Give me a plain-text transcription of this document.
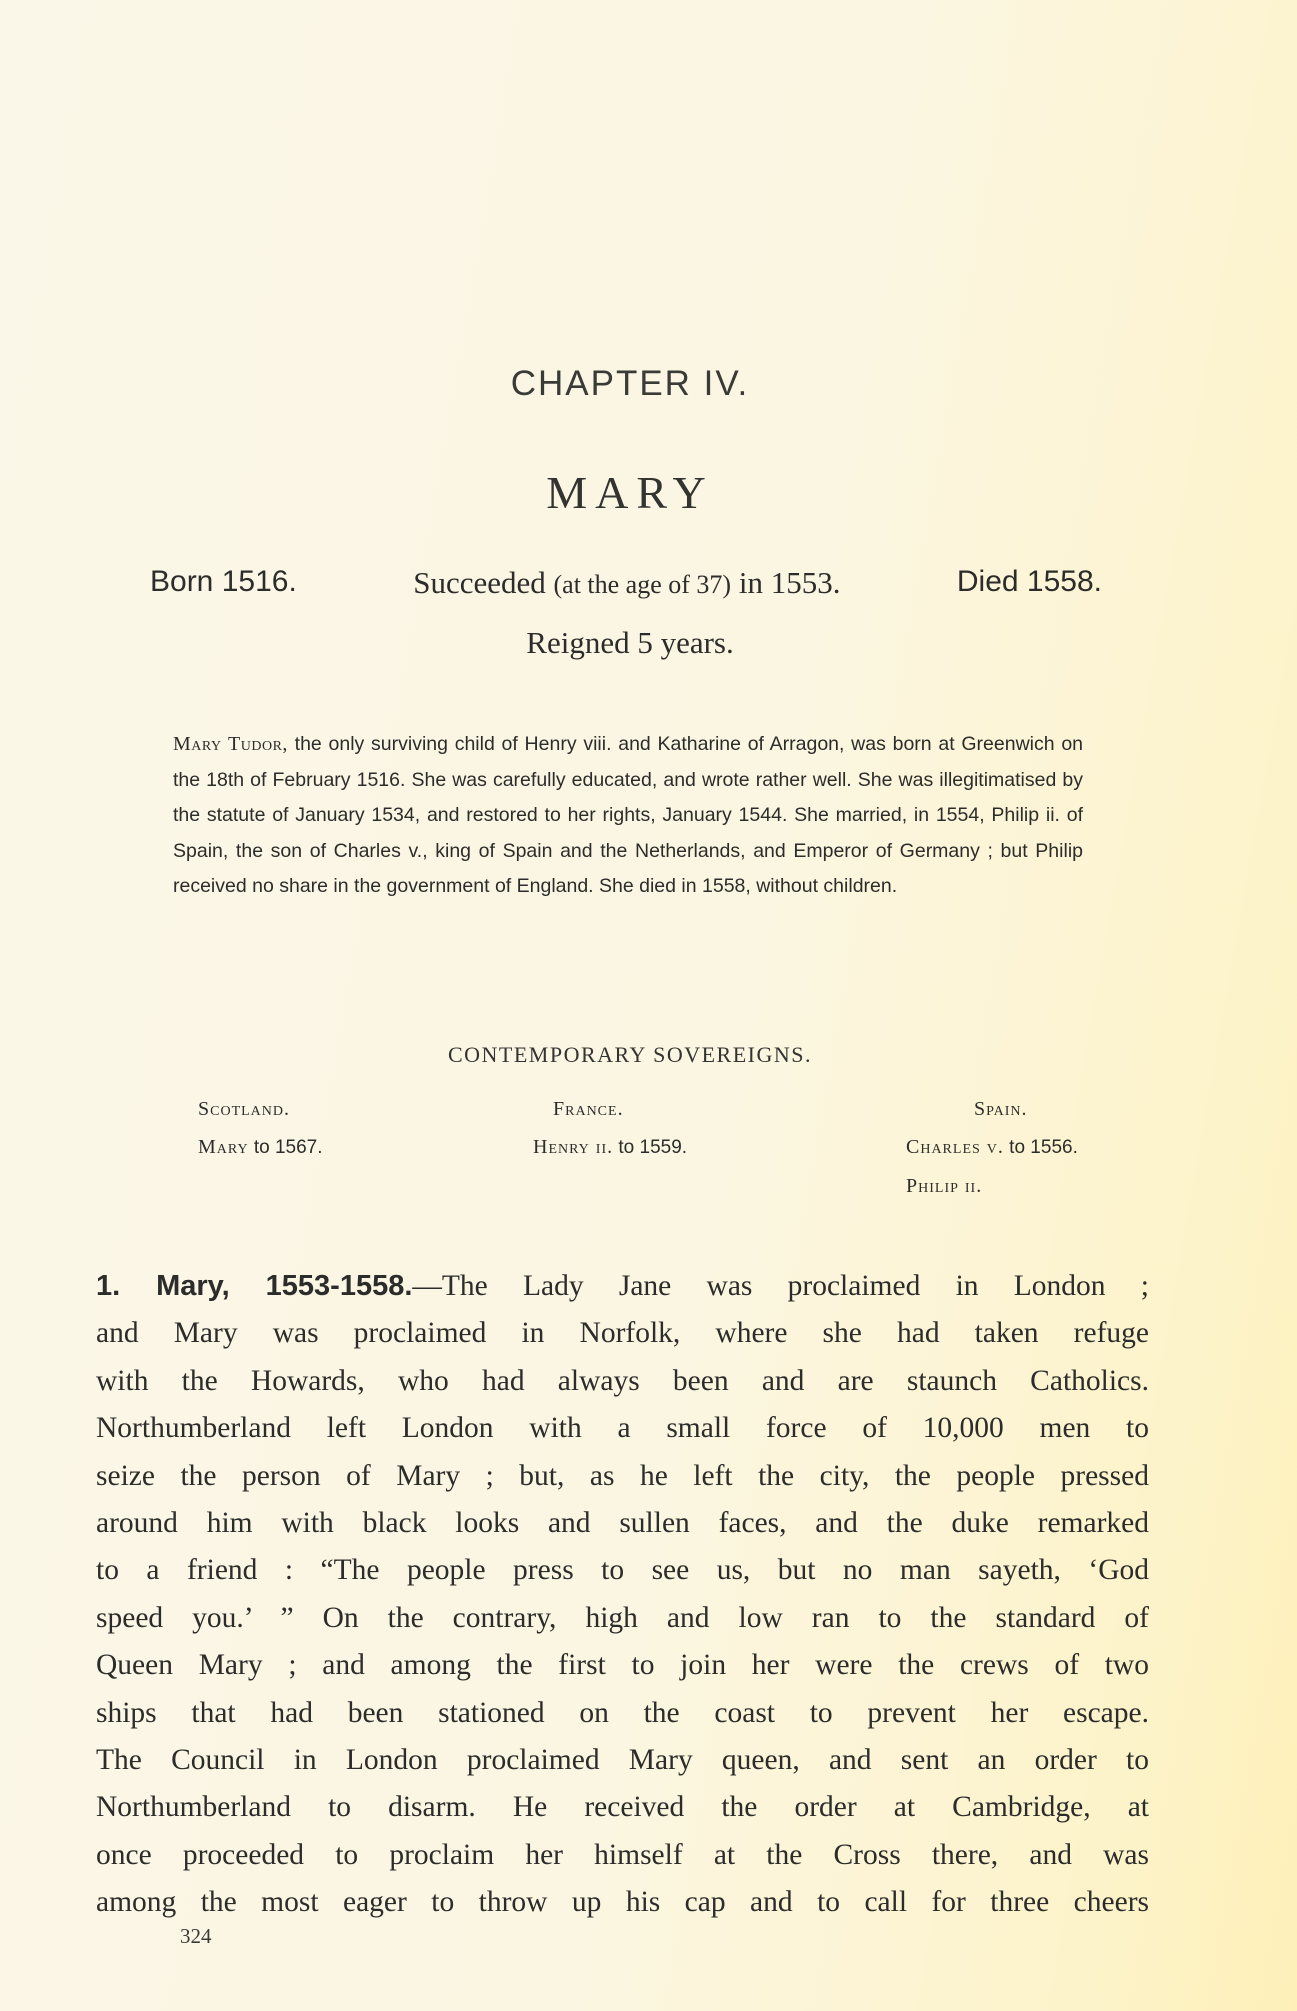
CHAPTER IV.
MARY
Born 1516.	Succeeded (at the age of 37) in 1553.	Died 1558.
Reigned 5 years.
Mary Tudor, the only surviving child of Henry viii. and Katharine of Arragon, was born at Greenwich on the 18th of February 1516. She was carefully educated, and wrote rather well. She was illegitimatised by the statute of January 1534, and restored to her rights, January 1544. She married, in 1554, Philip ii. of Spain, the son of Charles v., king of Spain and the Netherlands, and Emperor of Germany ; but Philip received no share in the government of England. She died in 1558, without children.
CONTEMPORARY SOVEREIGNS.
Scotland.
Mary to 1567.
France.
Henry ii. to 1559.
Spain.
Charles v. to 1556.
Philip ii.
1. Mary, 1553-1558.—The Lady Jane was proclaimed in London ;
and Mary was proclaimed in Norfolk, where she had taken refuge
with the Howards, who had always been and are staunch Catholics.
Northumberland left London with a small force of 10,000 men to
seize the person of Mary ; but, as he left the city, the people pressed
around him with black looks and sullen faces, and the duke remarked
to a friend : “The people press to see us, but no man sayeth, ‘God
speed you.’ ” On the contrary, high and low ran to the standard of
Queen Mary ; and among the first to join her were the crews of two
ships that had been stationed on the coast to prevent her escape.
The Council in London proclaimed Mary queen, and sent an order to
Northumberland to disarm. He received the order at Cambridge, at
once proceeded to proclaim her himself at the Cross there, and was
among the most eager to throw up his cap and to call for three cheers
324
